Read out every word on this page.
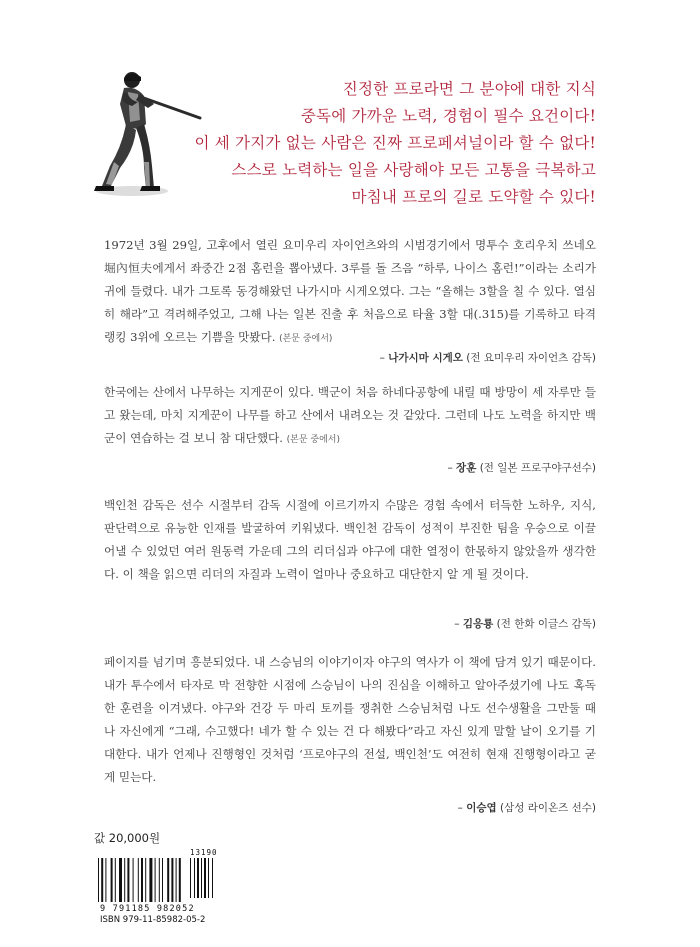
진정한 프로라면 그 분야에 대한 지식
중독에 가까운 노력, 경험이 필수 요건이다!
이 세 가지가 없는 사람은 진짜 프로페셔널이라 할 수 없다!
스스로 노력하는 일을 사랑해야 모든 고통을 극복하고
마침내 프로의 길로 도약할 수 있다!

1972년 3월 29일, 고후에서 열린 요미우리 자이언츠와의 시범경기에서 명투수 호리우치 쓰네오 堀內恒夫에게서 좌중간 2점 홈런을 뽑아냈다. 3루를 돌 즈음 “하루, 나이스 홈런!”이라는 소리가 귀에 들렸다. 내가 그토록 동경해왔던 나가시마 시게오였다. 그는 “올해는 3할을 칠 수 있다. 열심히 해라”고 격려해주었고, 그해 나는 일본 진출 후 처음으로 타율 3할 대(.315)를 기록하고 타격 랭킹 3위에 오르는 기쁨을 맛봤다. (본문 중에서)

– 나가시마 시게오 (전 요미우리 자이언츠 감독)

한국에는 산에서 나무하는 지게꾼이 있다. 백군이 처음 하네다공항에 내릴 때 방망이 세 자루만 들고 왔는데, 마치 지게꾼이 나무를 하고 산에서 내려오는 것 같았다. 그런데 나도 노력을 하지만 백군이 연습하는 걸 보니 참 대단했다. (본문 중에서)

– 장훈 (전 일본 프로구야구선수)

백인천 감독은 선수 시절부터 감독 시절에 이르기까지 수많은 경험 속에서 터득한 노하우, 지식, 판단력으로 유능한 인재를 발굴하여 키워냈다. 백인천 감독이 성적이 부진한 팀을 우승으로 이끌어낼 수 있었던 여러 원동력 가운데 그의 리더십과 야구에 대한 열정이 한몫하지 않았을까 생각한다. 이 책을 읽으면 리더의 자질과 노력이 얼마나 중요하고 대단한지 알 게 될 것이다.

– 김응룡 (전 한화 이글스 감독)

페이지를 넘기며 흥분되었다. 내 스승님의 이야기이자 야구의 역사가 이 책에 담겨 있기 때문이다. 내가 투수에서 타자로 막 전향한 시점에 스승님이 나의 진심을 이해하고 알아주셨기에 나도 혹독한 훈련을 이겨냈다. 야구와 건강 두 마리 토끼를 쟁취한 스승님처럼 나도 선수생활을 그만둘 때 나 자신에게 “그래, 수고했다! 네가 할 수 있는 건 다 해봤다”라고 자신 있게 말할 날이 오기를 기대한다. 내가 언제나 진행형인 것처럼 ‘프로야구의 전설, 백인천’도 여전히 현재 진행형이라고 굳게 믿는다.

– 이승엽 (삼성 라이온즈 선수)
값 20,000원
13190
9 791185 982052
ISBN 979-11-85982-05-2
